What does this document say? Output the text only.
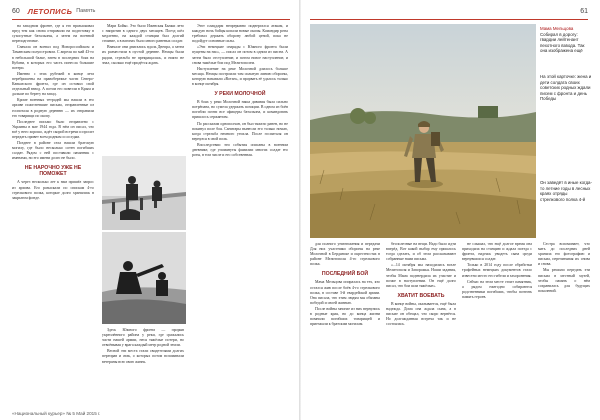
60 ЛЕТОПИСЬ Память

на западном фронте, где я его вразыскивал пред тем как снова отправили на подготовку в сухопутные батальоны, а затем на военной переподготовке.

Сначала он воевал под Новороссийском и Таманским полуостровом. С апреля по май 43-го в небольшой балке, затем в последних боях на Кубани, в которых его часть понесла большие потери.

Именно с этих рубежей в конце лета переброшены на правобережье части Северо-Кавказского фронта, где он оставил свой отдельный взвод. А потом его повезли в Крым и дальше по берегу на запад.

Кроме военных тетрадей мы нашли в его архиве пожелтевшие письма, отправленные из госпиталя в родную деревню — их отправили его товарищи по окопу.

Последнее письмо было отправлено с Украины в мае 1944 года. В нём он писал, что всё у него хорошо, ждёт скорой встречи и просит передать привет всем родным и соседям.

Позднее в районе села нашли братскую могилу, где было несколько сотен погибших солдат. Рядом с ней поставили памятник с именами, но его имени долго не было.

НЕ НАРОЧНО УЖЕ НЕ ПОМОЖЕТ

А через несколько лет к нам пришёл запрос из архива. Его разыскали по спискам 4-го стрелкового полка, которые долго хранились в закрытом фонде.

Мари Бойко. Это было Ижевская Бычки лето с напротив в одного двух месяцев. Поезд шёл медленно, на каждой станции был долгий стояние, а в вагонах было много раненых солдат.

Вначале они двигались вдоль Днепра, а затем их разместили в пустой деревне. Немцы были рядом, стрельба не прекращалась, и никто не знал, сколько ещё придётся ждать.

Этот плацдарм непрерывно подвергался атакам, и каждую ночь бойцы копали новые окопы. Командир роты требовал держать оборону любой ценой, пока не подойдут основные силы.

«Эти немецкие снаряды с Южного фронта были пущены на нас», — писал он потом в одном из писем. А затем было отступление, и потом новое наступление, и снова тяжёлые бои под Мелитополем.

Наступление на реке Молочной длилось больше месяца. Немцы построили там сильную линию обороны, которую называли «Вотан», и прорвать её удалось только в конце октября.

У РЕКИ МОЛОЧНОЙ

В боях у реки Молочной наша дивизия была сильно потрёпана, но сумела удержать позиции. В одном из боёв погибли почти все офицеры батальона, и командовать пришлось сержантам.

По рассказам однополчан, он был тяжело ранен, но не покинул поле боя. Санитары вынесли его только ночью, когда стрельба немного утихла. После госпиталя он вернулся в свой полк.

Впоследствии эти события описаны в военном дневнике, где упомянуты фамилии многих солдат его роты, в том числе и его собственная.

Здесь Южного фронта — прорыв укреплённого района у реки, где сражались части нашей армии, неся тяжёлые потери, но отвоёвывая у врага каждый метр родной земли.

Весной эти места стали свидетелями долгих переправ и атак, о которых потом вспоминали ветераны всю свою жизнь.

«Национальный курьер» № 5 Май 2015 г.
61
Мама Мельцова Собирал в дорогу: гвардии лейтенант пехотного взвода. Так она изображена ещё
На этой карточке: жена и дети солдата своих советских родных ждали писем с фронта и день Победы
Он заведёт в иные когда-то летние годы в лесных краях отряды стрелкового полка 4-й

для полного уничтожения и передачи Для них участники обороны на реке Молочной в Бердянске и окрестностях в районе Мелитополя 4-го стрелкового полка.

ПОСЛЕДНИЙ БОЙ

Мама Мельцова опиралась на тех, кто остался жив после боёв 4-го стрелкового полка, в составе 3-й гвардейской армии. Она писала, что этим людям мы обязаны победой и своей жизнью.

После войны многие из них вернулись в родные края, но до конца жизни помнили погибших товарищей и приезжали к братским могилам.

бесполезные на вещи. Надо было идти вперёд. Вот какой выбор ему пришлось тогда сделать, и об этом рассказывают собранные нами письма.

«...14 октября мы находились возле Мелитополя и Запорожья. Наши задания, чтобы Мама подтвердила их участие и позже в наступлении. Он ещё долго писал, что бои шли тяжёлые».

ХВАТИТ ВОЕВАТЬ

В конце войны, оказывается, ещё была надежда. Дома она ждала сына, а в письме он обещал, что скоро вернётся. Но долгожданная встреча так и не состоялась.

не слышал, что ещё долгое время она приходила на станцию и ждала поезда с фронта, надеясь увидеть сына среди вернувшихся солдат.

Только в 2014 году после обработки трофейных немецких документов стало известно место его гибели и захоронения.

Сейчас на этом месте стоит памятник, а рядом ежегодно собираются родственники погибших, чтобы почтить память героев.

Сестра вспоминает, что мать до последних дней хранила его фотографию и письма, перечитывая их снова и снова.

Мы решили передать эти письма в местный музей, чтобы память о нём сохранилась для будущих поколений.
